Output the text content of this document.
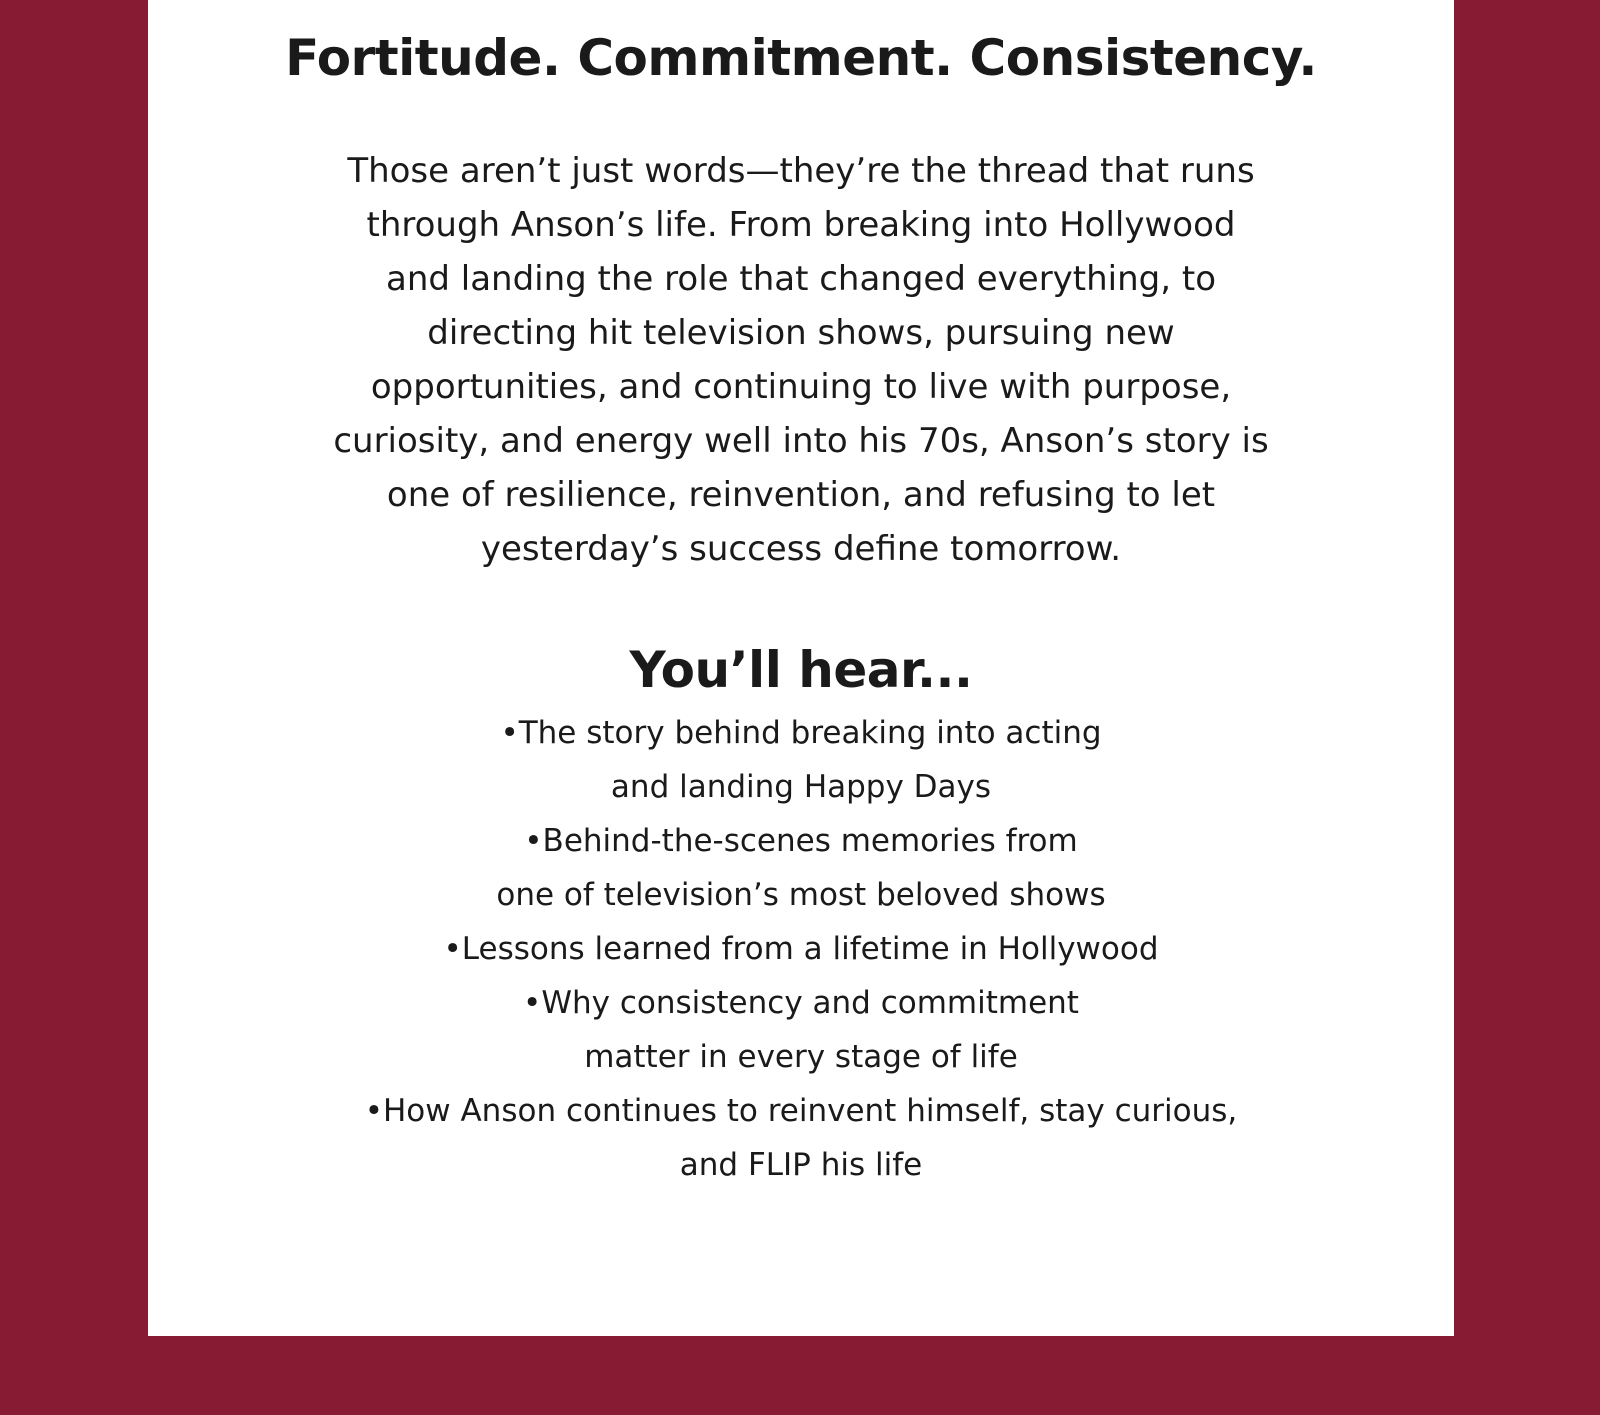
Fortitude. Commitment. Consistency.

Those aren’t just words—they’re the thread that runs
through Anson’s life. From breaking into Hollywood
and landing the role that changed everything, to
directing hit television shows, pursuing new
opportunities, and continuing to live with purpose,
curiosity, and energy well into his 70s, Anson’s story is
one of resilience, reinvention, and refusing to let
yesterday’s success define tomorrow.

You’ll hear...
•The story behind breaking into acting
and landing Happy Days
•Behind-the-scenes memories from
one of television’s most beloved shows
•Lessons learned from a lifetime in Hollywood
•Why consistency and commitment
matter in every stage of life
•How Anson continues to reinvent himself, stay curious,
and FLIP his life
